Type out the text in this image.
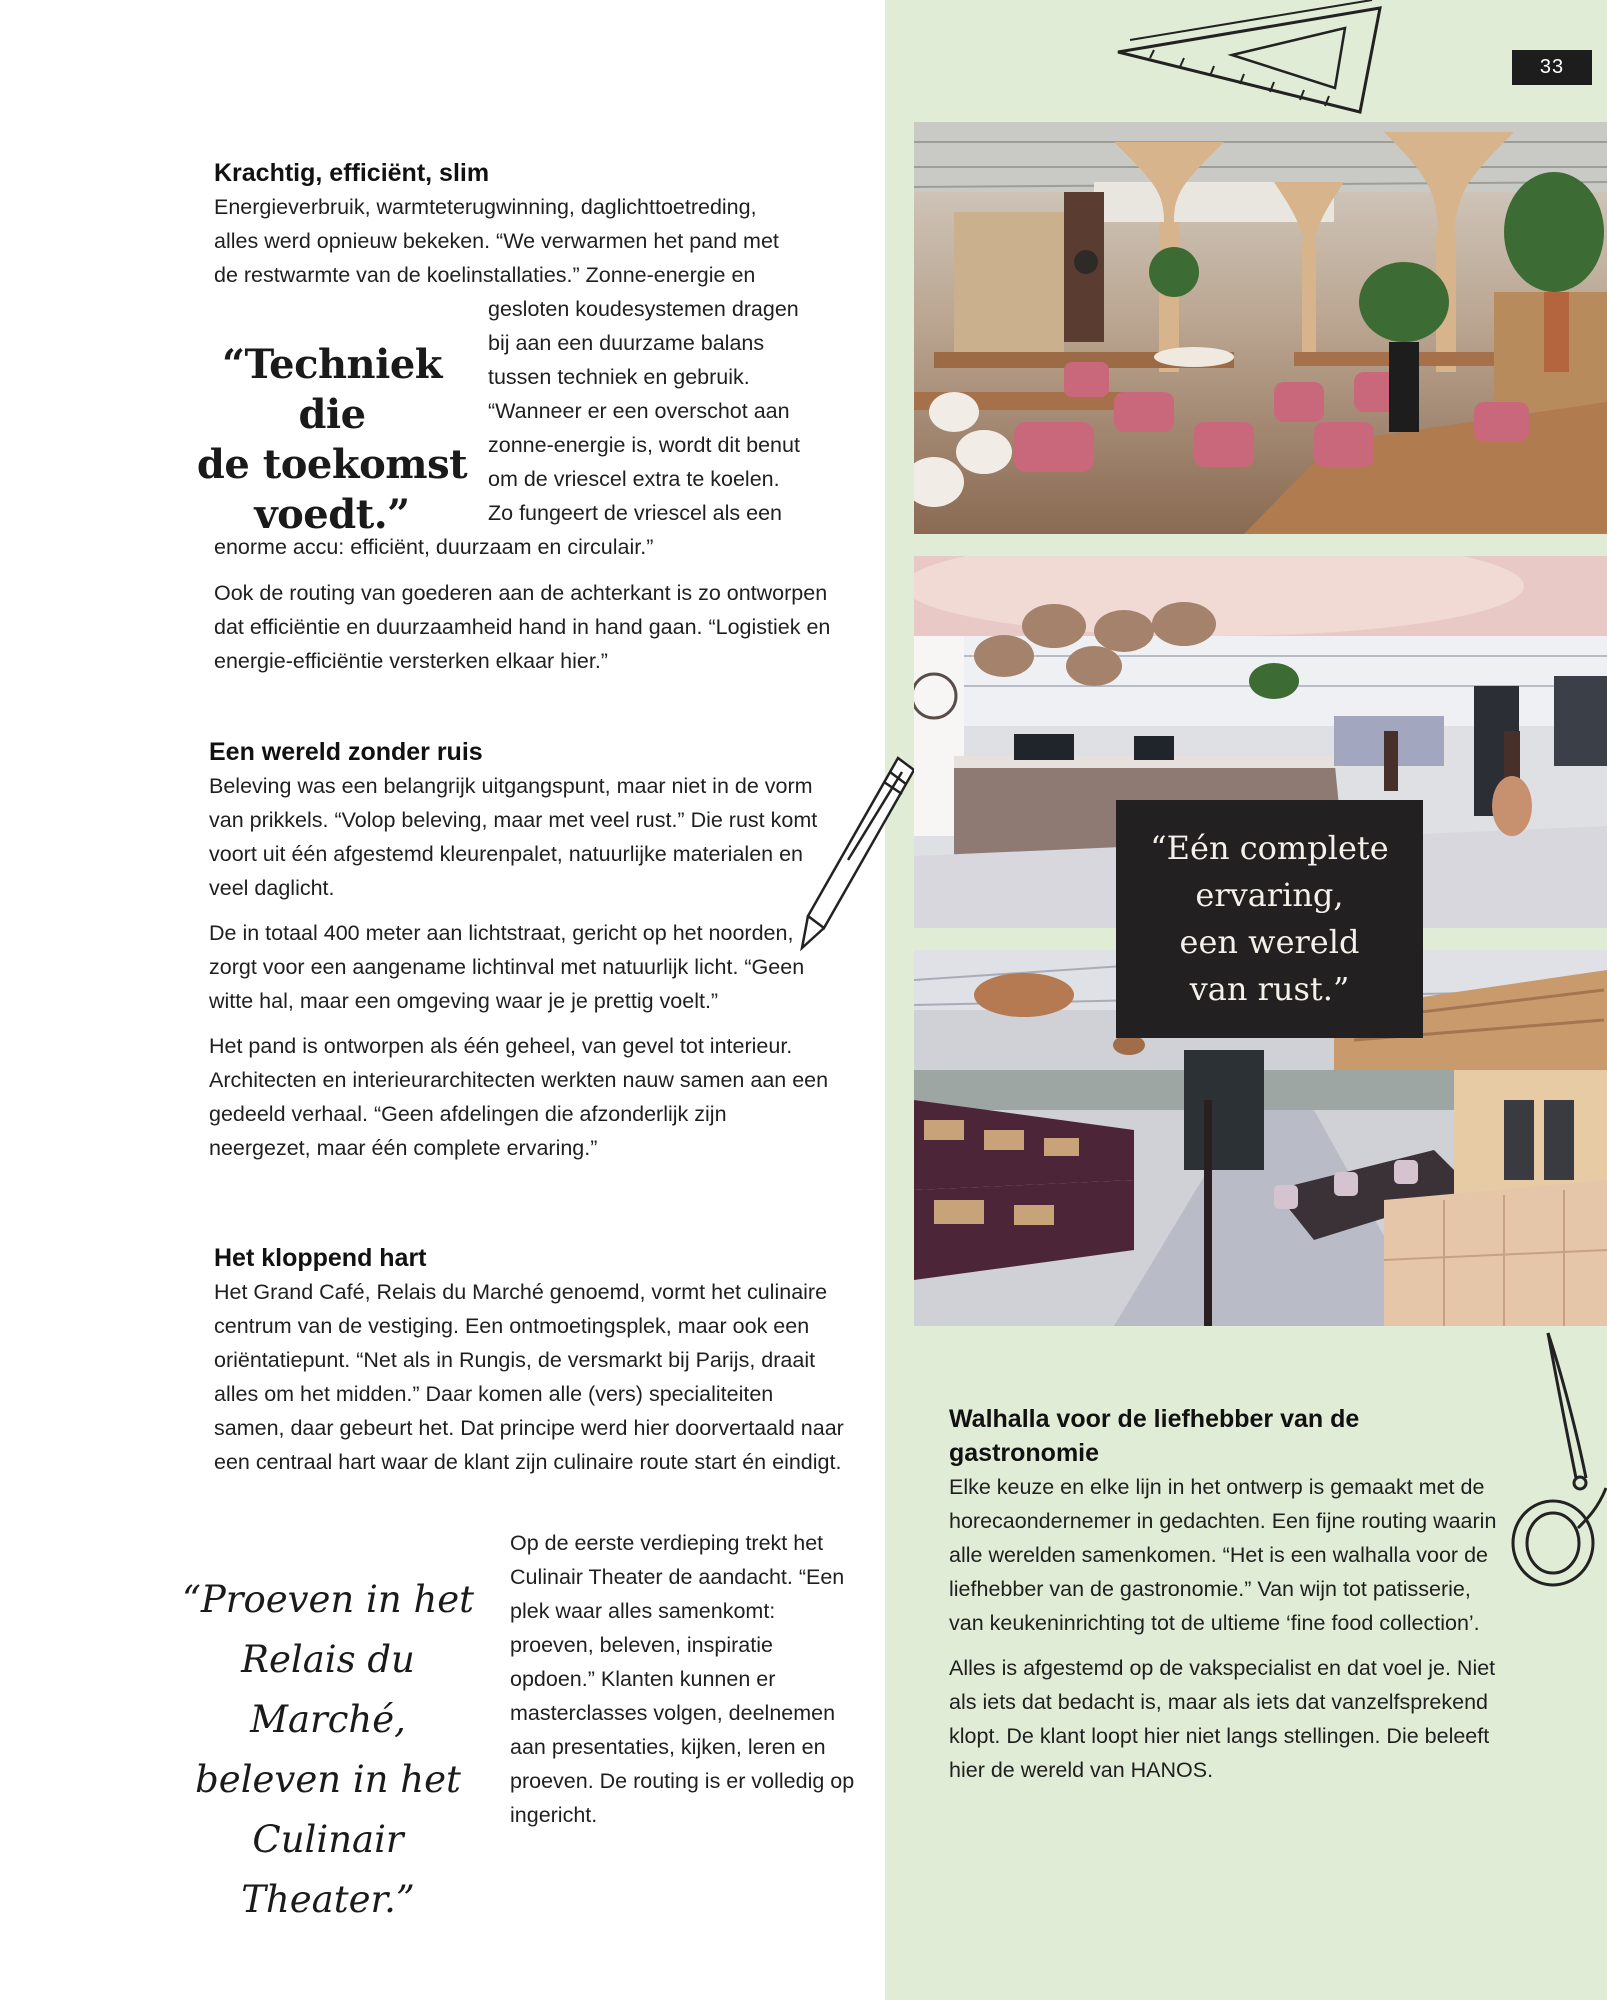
33
Krachtig, efficiënt, slim

Energieverbruik, warmteterugwinning, daglichttoetreding,

alles werd opnieuw bekeken. “We verwarmen het pand met

de restwarmte van de koelinstallaties.” Zonne-energie en

gesloten koudesystemen dragen

bij aan een duurzame balans

tussen techniek en gebruik.

“Wanneer er een overschot aan

zonne-energie is, wordt dit benut

om de vriescel extra te koelen.

Zo fungeert de vriescel als een

“Techniek die
de toekomst
voedt.”

enorme accu: efficiënt, duurzaam en circulair.”

Ook de routing van goederen aan de achterkant is zo ontworpen dat efficiëntie en duurzaamheid hand in hand gaan. “Logistiek en energie-efficiëntie versterken elkaar hier.”

Een wereld zonder ruis

Beleving was een belangrijk uitgangspunt, maar niet in de vorm van prikkels. “Volop beleving, maar met veel rust.” Die rust komt voort uit één afgestemd kleurenpalet, natuurlijke materialen en veel daglicht.

De in totaal 400 meter aan lichtstraat, gericht op het noorden, zorgt voor een aangename lichtinval met natuurlijk licht. “Geen witte hal, maar een omgeving waar je je prettig voelt.”

Het pand is ontworpen als één geheel, van gevel tot interieur. Architecten en interieurarchitecten werkten nauw samen aan een gedeeld verhaal. “Geen afdelingen die afzonderlijk zijn neergezet, maar één complete ervaring.”

Het kloppend hart

Het Grand Café, Relais du Marché genoemd, vormt het culinaire centrum van de vestiging. Een ontmoetingsplek, maar ook een oriëntatiepunt. “Net als in Rungis, de versmarkt bij Parijs, draait alles om het midden.” Daar komen alle (vers) specialiteiten samen, daar gebeurt het. Dat principe werd hier doorvertaald naar een centraal hart waar de klant zijn culinaire route start én eindigt.

Op de eerste verdieping trekt het Culinair Theater de aandacht. “Een plek waar alles samenkomt: proeven, beleven, inspiratie opdoen.” Klanten kunnen er masterclasses volgen, deelnemen aan presentaties, kijken, leren en proeven. De routing is er volledig op ingericht.

“Proeven in het
Relais du Marché,
beleven in het Culinair
Theater.”
“Eén complete
ervaring,
een wereld
van rust.”
Walhalla voor de liefhebber van de gastronomie

Elke keuze en elke lijn in het ontwerp is gemaakt met de horecaondernemer in gedachten. Een fijne routing waarin alle werelden samenkomen. “Het is een walhalla voor de liefhebber van de gastronomie.” Van wijn tot patisserie, van keukeninrichting tot de ultieme ‘fine food collection’.

Alles is afgestemd op de vakspecialist en dat voel je. Niet als iets dat bedacht is, maar als iets dat vanzelfsprekend klopt. De klant loopt hier niet langs stellingen. Die beleeft hier de wereld van HANOS.
